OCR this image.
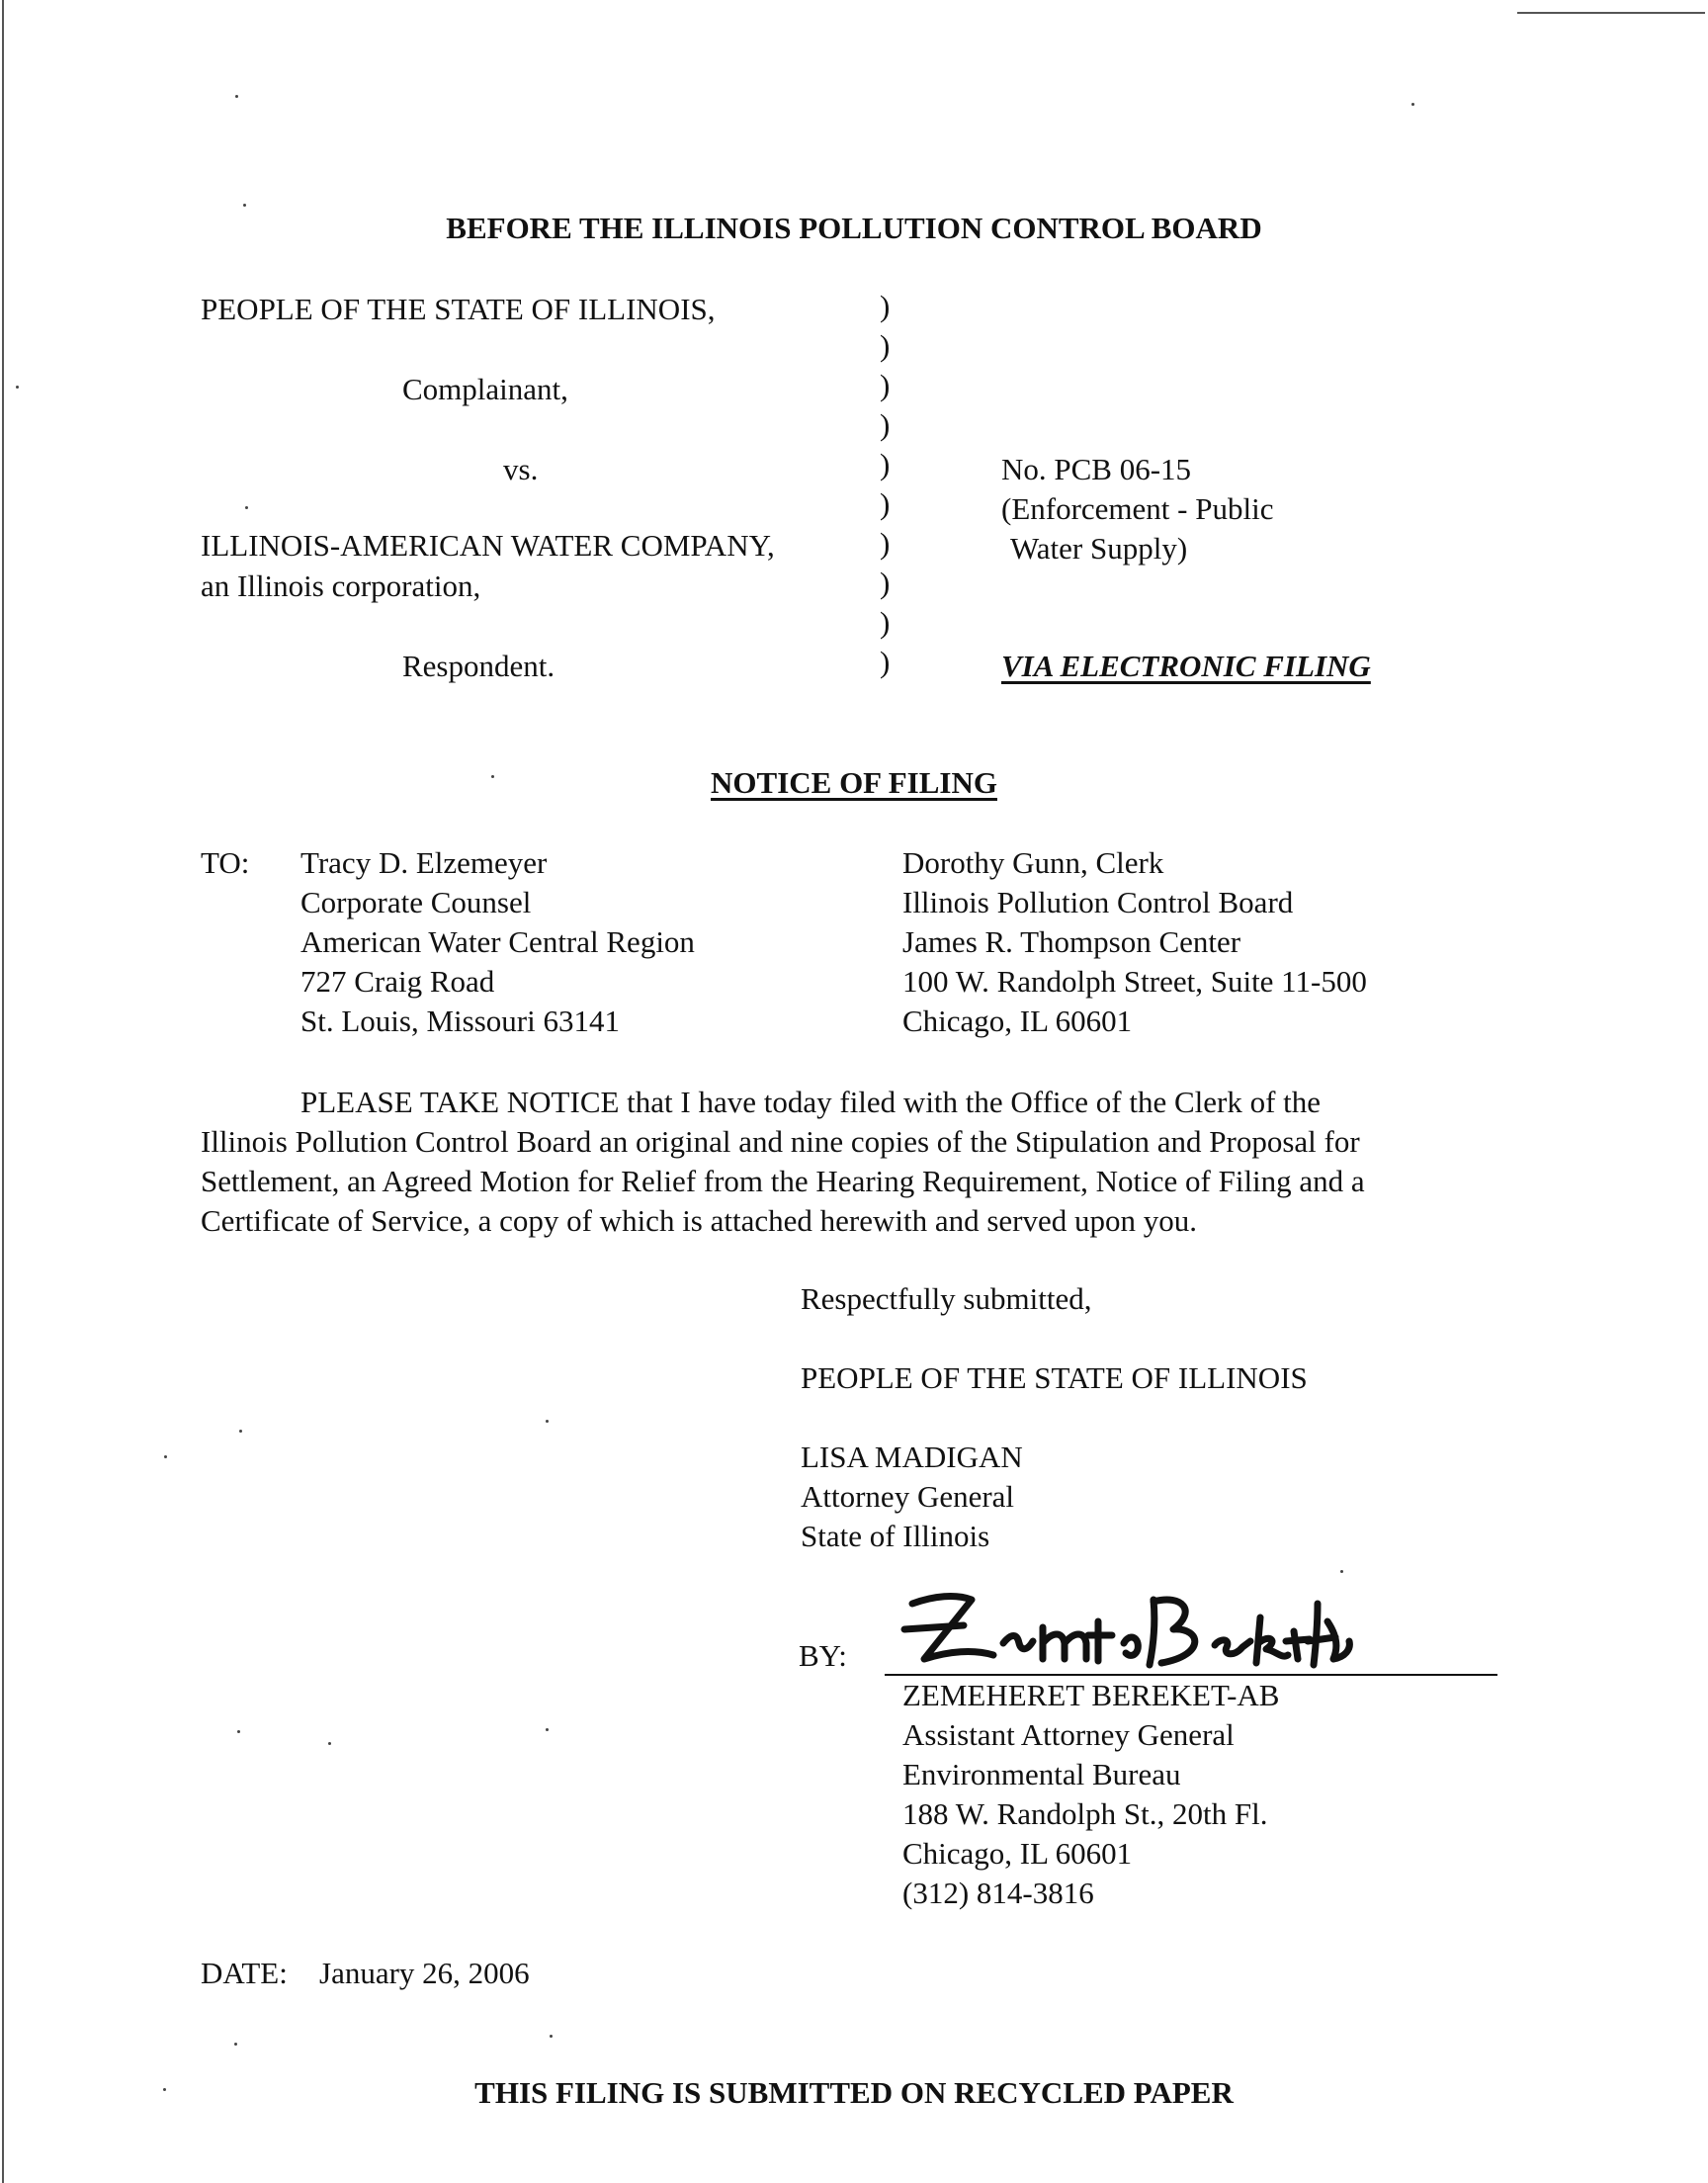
BEFORE THE ILLINOIS POLLUTION CONTROL BOARD
PEOPLE OF THE STATE OF ILLINOIS,
Complainant,
vs.
ILLINOIS-AMERICAN WATER COMPANY,
an Illinois corporation,
Respondent.
)
)
)
)
)
)
)
)
)
)
No. PCB 06-15
(Enforcement - Public
Water Supply)
VIA ELECTRONIC FILING
NOTICE OF FILING
TO: Tracy D. Elzemeyer
Corporate Counsel
American Water Central Region
727 Craig Road
St. Louis, Missouri 63141
Dorothy Gunn, Clerk
Illinois Pollution Control Board
James R. Thompson Center
100 W. Randolph Street, Suite 11-500
Chicago, IL 60601
PLEASE TAKE NOTICE that I have today filed with the Office of the Clerk of the
Illinois Pollution Control Board an original and nine copies of the Stipulation and Proposal for
Settlement, an Agreed Motion for Relief from the Hearing Requirement, Notice of Filing and a
Certificate of Service, a copy of which is attached herewith and served upon you.
Respectfully submitted,
PEOPLE OF THE STATE OF ILLINOIS
LISA MADIGAN
Attorney General
State of Illinois
BY:
ZEMEHERET BEREKET-AB
Assistant Attorney General
Environmental Bureau
188 W. Randolph St., 20th Fl.
Chicago, IL 60601
(312) 814-3816
DATE: January 26, 2006
THIS FILING IS SUBMITTED ON RECYCLED PAPER
